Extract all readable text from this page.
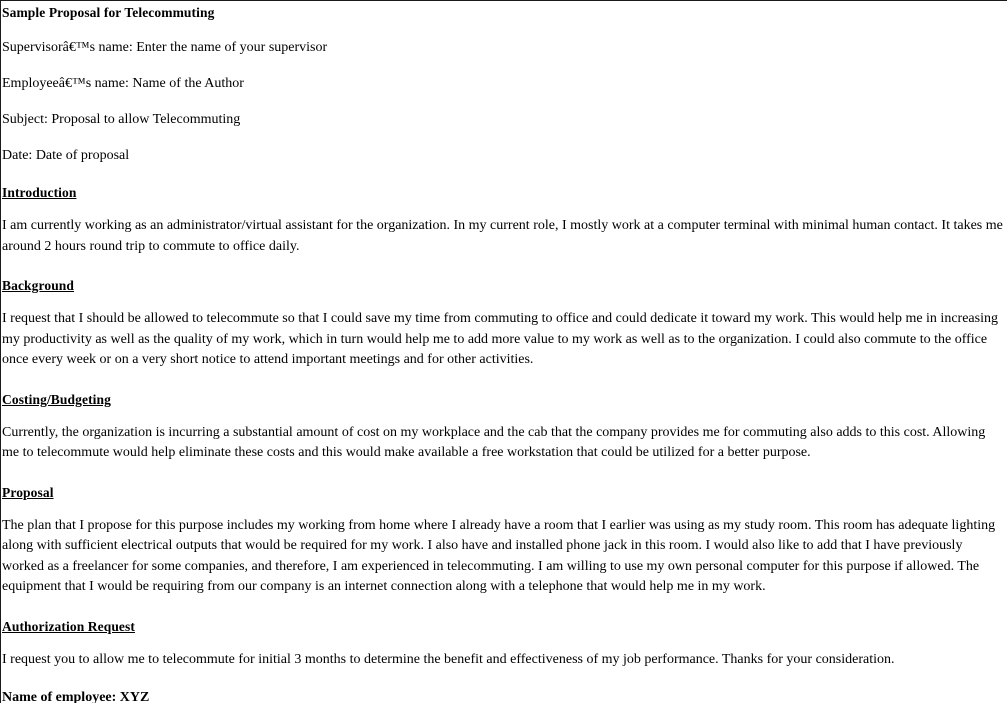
Sample Proposal for Telecommuting

Supervisorâ€™s name: Enter the name of your supervisor

Employeeâ€™s name: Name of the Author

Subject: Proposal to allow Telecommuting

Date: Date of proposal

Introduction

I am currently working as an administrator/virtual assistant for the organization. In my current role, I mostly work at a computer terminal with minimal human contact. It takes me around 2 hours round trip to commute to office daily.

Background

I request that I should be allowed to telecommute so that I could save my time from commuting to office and could dedicate it toward my work. This would help me in increasing my productivity as well as the quality of my work, which in turn would help me to add more value to my work as well as to the organization. I could also commute to the office once every week or on a very short notice to attend important meetings and for other activities.

Costing/Budgeting

Currently, the organization is incurring a substantial amount of cost on my workplace and the cab that the company provides me for commuting also adds to this cost. Allowing me to telecommute would help eliminate these costs and this would make available a free workstation that could be utilized for a better purpose.

Proposal

The plan that I propose for this purpose includes my working from home where I already have a room that I earlier was using as my study room. This room has adequate lighting along with sufficient electrical outputs that would be required for my work. I also have and installed phone jack in this room. I would also like to add that I have previously worked as a freelancer for some companies, and therefore, I am experienced in telecommuting. I am willing to use my own personal computer for this purpose if allowed. The equipment that I would be requiring from our company is an internet connection along with a telephone that would help me in my work.

Authorization Request

I request you to allow me to telecommute for initial 3 months to determine the benefit and effectiveness of my job performance. Thanks for your consideration.

Name of employee: XYZ
